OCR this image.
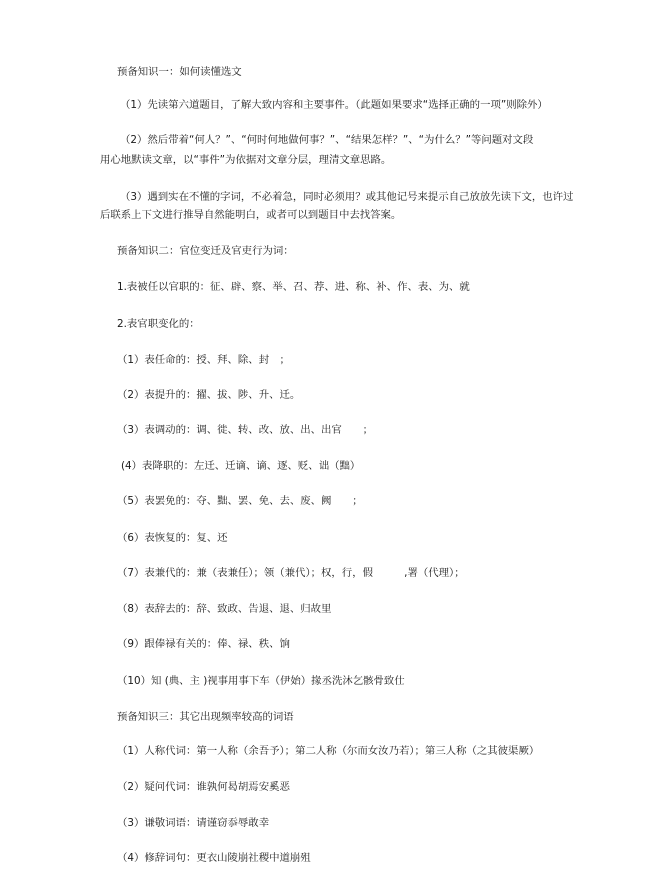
预备知识一：如何读懂选文
（1）先读第六道题目，了解大致内容和主要事件。（此题如果要求“选择正确的一项”则除外）
（2）然后带着“何人？”、“何时何地做何事？”、“结果怎样？”、“为什么？”等问题对文段
用心地默读文章，以“事件”为依据对文章分层，理清文章思路。
（3）遇到实在不懂的字词，不必着急，同时必须用？或其他记号来提示自己放放先读下文，也许过
后联系上下文进行推导自然能明白，或者可以到题目中去找答案。
预备知识二：官位变迁及官吏行为词：
1.表被任以官职的：征、辟、察、举、召、荐、进、称、补、作、表、为、就
2.表官职变化的：
（1）表任命的：授、拜、除、封　；
（2）表提升的：擢、拔、陟、升、迁。
（3）表调动的：调、徙、转、改、放、出、出官　　；
(4）表降职的：左迁、迁谪、谪、逐、贬、诎（黜）
（5）表罢免的：夺、黜、罢、免、去、废、阙　　；
（6）表恢复的：复、还
（7）表兼代的：兼（表兼任）；领（兼代）；权，行，假　　　,署（代理）；
（8）表辞去的：辞、致政、告退、退、归故里
（9）跟俸禄有关的：俸、禄、秩、饷
（10）知 (典、主 )视事用事下车（伊始）掾丞洗沐乞骸骨致仕
预备知识三：其它出现频率较高的词语
（1）人称代词：第一人称（余吾予）；第二人称（尔而女汝乃若）；第三人称（之其彼渠厥）
（2）疑问代词：谁孰何曷胡焉安奚恶
（3）谦敬词语：请谨窃忝辱敢幸
（4）修辞词句：更衣山陵崩社稷中道崩殂
